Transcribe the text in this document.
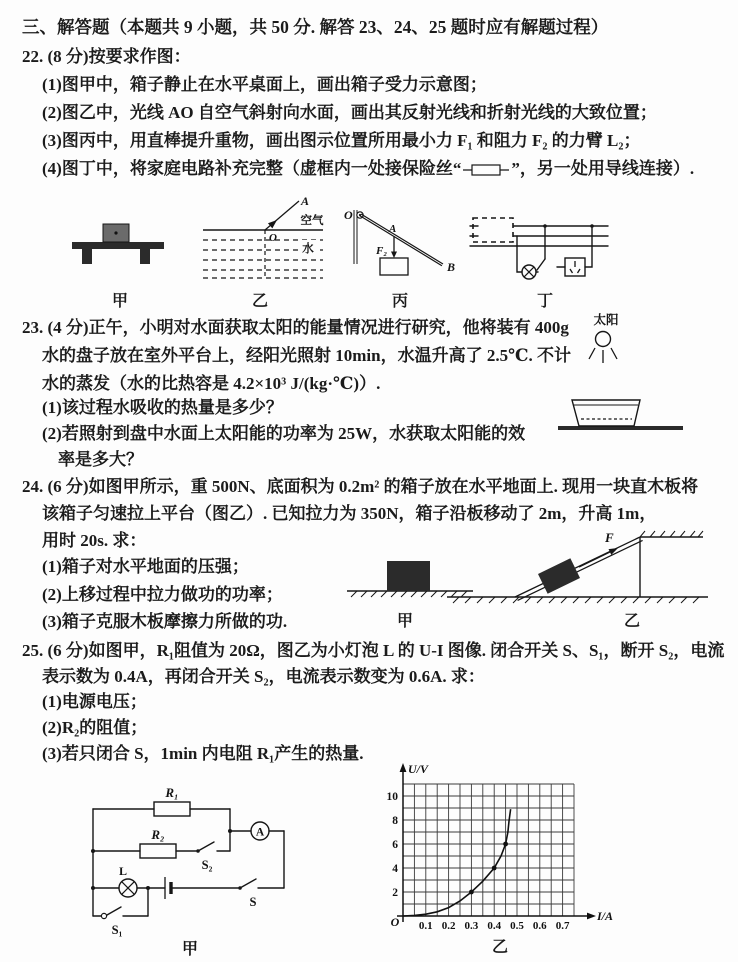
三、解答题（本题共 9 小题，共 50 分. 解答 23、24、25 题时应有解题过程）
22. (8 分)按要求作图：
(1)图甲中，箱子静止在水平桌面上，画出箱子受力示意图；
(2)图乙中，光线 AO 自空气斜射向水面，画出其反射光线和折射光线的大致位置；
(3)图丙中，用直棒提升重物，画出图示位置所用最小力 F₁ 和阻力 F₂ 的力臂 L₂；
(4)图丁中，将家庭电路补充完整（虚框内一处接保险丝“	”，另一处用导线连接）.
23. (4 分)正午，小明对水面获取太阳的能量情况进行研究，他将装有 400g
水的盘子放在室外平台上，经阳光照射 10min，水温升高了 2.5℃. 不计
水的蒸发（水的比热容是 4.2×10³ J/(kg·℃)）.
(1)该过程水吸收的热量是多少？
(2)若照射到盘中水面上太阳能的功率为 25W，水获取太阳能的效
率是多大？
24. (6 分)如图甲所示，重 500N、底面积为 0.2m² 的箱子放在水平地面上. 现用一块直木板将
该箱子匀速拉上平台（图乙）. 已知拉力为 350N，箱子沿板移动了 2m，升高 1m，
用时 20s. 求：
(1)箱子对水平地面的压强；
(2)上移过程中拉力做功的功率；
(3)箱子克服木板摩擦力所做的功.
25. (6 分)如图甲，R₁阻值为 20Ω，图乙为小灯泡 L 的 U-I 图像. 闭合开关 S、S₁，断开 S₂，电流
表示数为 0.4A，再闭合开关 S₂，电流表示数变为 0.6A. 求：
(1)电源电压；
(2)R₂的阻值；
(3)若只闭合 S，1min 内电阻 R₁产生的热量.
A
O
空气
水
O
A
F₂
B
甲	乙	丙	丁
太阳
F
甲	乙
R₁
R₂
S₂
A
L
S
S₁
甲
U/V
I/A
O 0.1 0.2 0.3 0.4 0.5 0.6 0.7
2
4
6
8
10
乙
